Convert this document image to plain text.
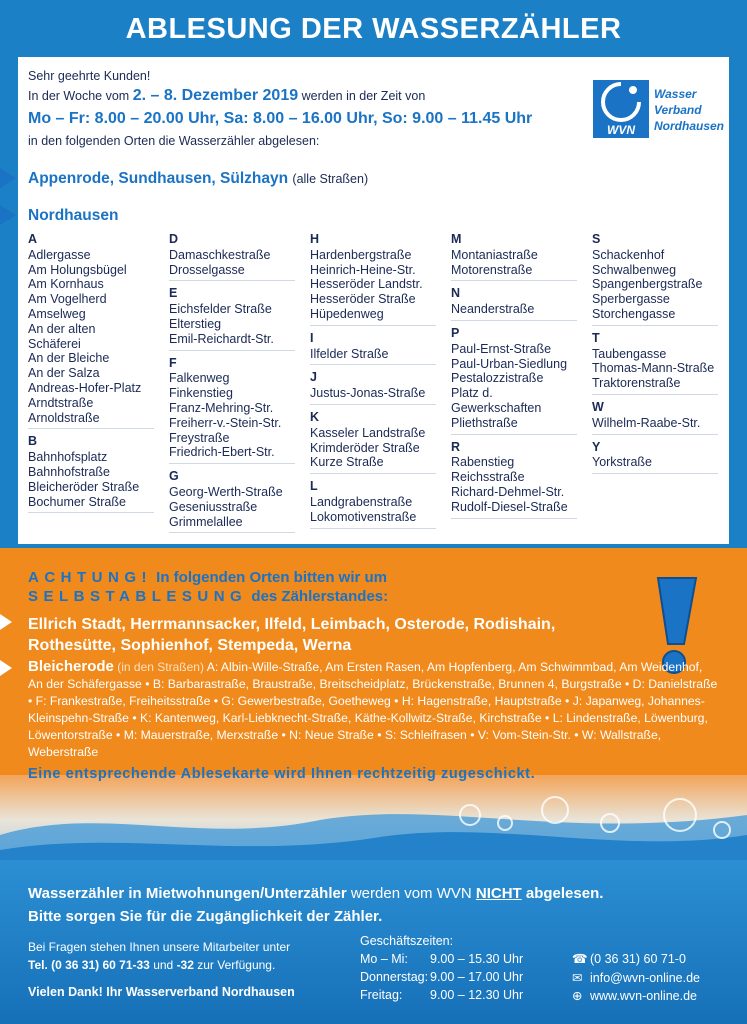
ABLESUNG DER WASSERZÄHLER
Sehr geehrte Kunden!
In der Woche vom 2. – 8. Dezember 2019 werden in der Zeit von
Mo – Fr: 8.00 – 20.00 Uhr, Sa: 8.00 – 16.00 Uhr, So: 9.00 – 11.45 Uhr
in den folgenden Orten die Wasserzähler abgelesen:
WVN
Wasser
Verband
Nordhausen
Appenrode, Sundhausen, Sülzhayn (alle Straßen)
Nordhausen
A
Adlergasse
Am Holungsbügel
Am Kornhaus
Am Vogelherd
Amselweg
An der alten
Schäferei
An der Bleiche
An der Salza
Andreas-Hofer-Platz
Arndtstraße
Arnoldstraße
B
Bahnhofsplatz
Bahnhofstraße
Bleicheröder Straße
Bochumer Straße
D
Damaschkestraße
Drosselgasse
E
Eichsfelder Straße
Elterstieg
Emil-Reichardt-Str.
F
Falkenweg
Finkenstieg
Franz-Mehring-Str.
Freiherr-v.-Stein-Str.
Freystraße
Friedrich-Ebert-Str.
G
Georg-Werth-Straße
Geseniusstraße
Grimmelallee
H
Hardenbergstraße
Heinrich-Heine-Str.
Hesseröder Landstr.
Hesseröder Straße
Hüpedenweg
I
Ilfelder Straße
J
Justus-Jonas-Straße
K
Kasseler Landstraße
Krimderöder Straße
Kurze Straße
L
Landgrabenstraße
Lokomotivenstraße
M
Montaniastraße
Motorenstraße
N
Neanderstraße
P
Paul-Ernst-Straße
Paul-Urban-Siedlung
Pestalozzistraße
Platz d. Gewerkschaften
Pliethstraße
R
Rabenstieg
Reichsstraße
Richard-Dehmel-Str.
Rudolf-Diesel-Straße
S
Schackenhof
Schwalbenweg
Spangenbergstraße
Sperbergasse
Storchengasse
T
Taubengasse
Thomas-Mann-Straße
Traktorenstraße
W
Wilhelm-Raabe-Str.
Y
Yorkstraße
ACHTUNG! In folgenden Orten bitten wir um
SELBSTABLESUNG des Zählerstandes:
Ellrich Stadt, Herrmannsacker, Ilfeld, Leimbach, Osterode, Rodishain, Rothesütte, Sophienhof, Stempeda, Werna
Bleicherode (in den Straßen) A: Albin-Wille-Straße, Am Ersten Rasen, Am Hopfenberg, Am Schwimmbad, Am Weidenhof, An der Schäfergasse • B: Barbarastraße, Braustraße, Breitscheidplatz, Brückenstraße, Brunnen 4, Burgstraße • D: Danielstraße • F: Frankestraße, Freiheitsstraße • G: Gewerbestraße, Goetheweg • H: Hagenstraße, Hauptstraße • J: Japanweg, Johannes-Kleinspehn-Straße • K: Kantenweg, Karl-Liebknecht-Straße, Käthe-Kollwitz-Straße, Kirchstraße • L: Lindenstraße, Löwenburg, Löwentorstraße • M: Mauerstraße, Merxstraße • N: Neue Straße • S: Schleifrasen • V: Vom-Stein-Str. • W: Wallstraße, Weberstraße
Eine entsprechende Ablesekarte wird Ihnen rechtzeitig zugeschickt.
Wasserzähler in Mietwohnungen/Unterzähler werden vom WVN NICHT abgelesen.
Bitte sorgen Sie für die Zugänglichkeit der Zähler.
Bei Fragen stehen Ihnen unsere Mitarbeiter unter
Tel. (0 36 31) 60 71-33 und -32 zur Verfügung.
Vielen Dank! Ihr Wasserverband Nordhausen
Geschäftszeiten:
Mo – Mi:	9.00 – 15.30 Uhr
Donnerstag: 9.00 – 17.00 Uhr
Freitag:	9.00 – 12.30 Uhr
☎ (0 36 31) 60 71-0
✉ info@wvn-online.de
⊕ www.wvn-online.de
